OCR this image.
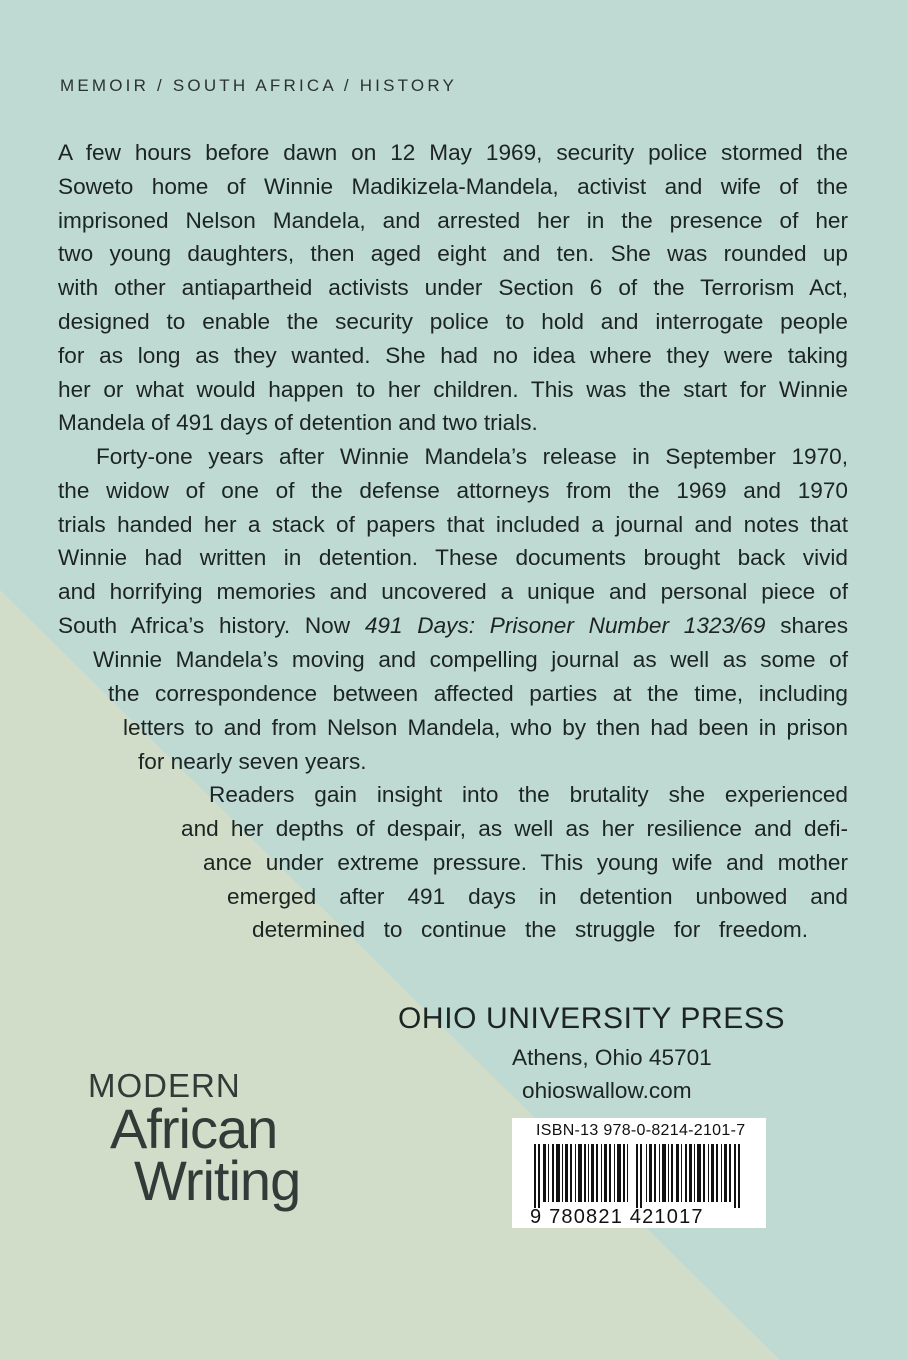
MEMOIR / SOUTH AFRICA / HISTORY
A few hours before dawn on 12 May 1969, security police stormed the
Soweto home of Winnie Madikizela-Mandela, activist and wife of the
imprisoned Nelson Mandela, and arrested her in the presence of her
two young daughters, then aged eight and ten. She was rounded up
with other antiapartheid activists under Section 6 of the Terrorism Act,
designed to enable the security police to hold and interrogate people
for as long as they wanted. She had no idea where they were taking
her or what would happen to her children. This was the start for Winnie
Mandela of 491 days of detention and two trials.
Forty-one years after Winnie Mandela’s release in September 1970,
the widow of one of the defense attorneys from the 1969 and 1970
trials handed her a stack of papers that included a journal and notes that
Winnie had written in detention. These documents brought back vivid
and horrifying memories and uncovered a unique and personal piece of
South Africa’s history. Now 491 Days: Prisoner Number 1323/69 shares
Winnie Mandela’s moving and compelling journal as well as some of
the correspondence between affected parties at the time, including
letters to and from Nelson Mandela, who by then had been in prison
for nearly seven years.
Readers gain insight into the brutality she experienced
and her depths of despair, as well as her resilience and defi-
ance under extreme pressure. This young wife and mother
emerged after 491 days in detention unbowed and
determined to continue the struggle for freedom.
OHIO UNIVERSITY PRESS
Athens, Ohio 45701
ohioswallow.com
MODERN
African
Writing
ISBN-13 978-0-8214-2101-7
9 780821 421017
